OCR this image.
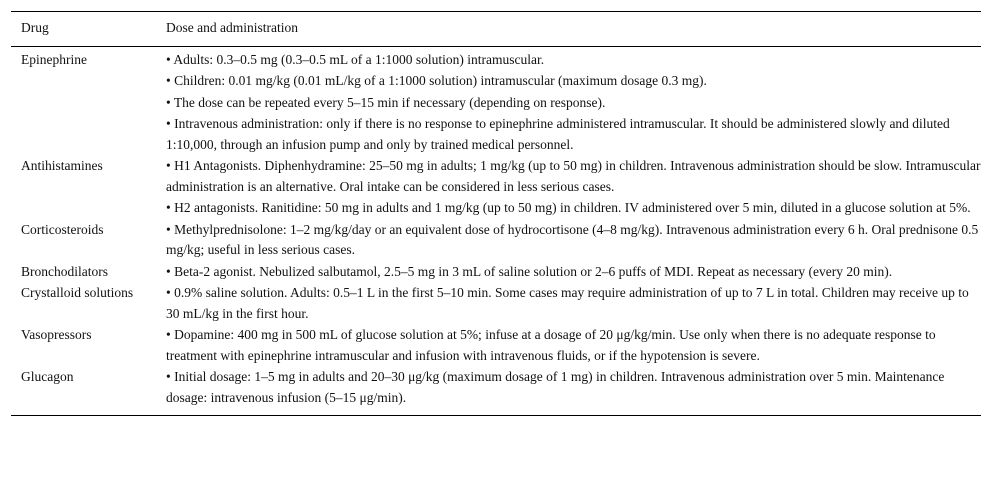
Drug	Dose and administration
Epinephrine	• Adults: 0.3–0.5 mg (0.3–0.5 mL of a 1:1000 solution) intramuscular.
• Children: 0.01 mg/kg (0.01 mL/kg of a 1:1000 solution) intramuscular (maximum dosage 0.3 mg).
• The dose can be repeated every 5–15 min if necessary (depending on response).
• Intravenous administration: only if there is no response to epinephrine administered intramuscular. It should be administered slowly and diluted 1:10,000, through an infusion pump and only by trained medical personnel.

Antihistamines	• H1 Antagonists. Diphenhydramine: 25–50 mg in adults; 1 mg/kg (up to 50 mg) in children. Intravenous administration should be slow. Intramuscular administration is an alternative. Oral intake can be considered in less serious cases.
• H2 antagonists. Ranitidine: 50 mg in adults and 1 mg/kg (up to 50 mg) in children. IV administered over 5 min, diluted in a glucose solution at 5%.

Corticosteroids	• Methylprednisolone: 1–2 mg/kg/day or an equivalent dose of hydrocortisone (4–8 mg/kg). Intravenous administration every 6 h. Oral prednisone 0.5 mg/kg; useful in less serious cases.

Bronchodilators	• Beta-2 agonist. Nebulized salbutamol, 2.5–5 mg in 3 mL of saline solution or 2–6 puffs of MDI. Repeat as necessary (every 20 min).

Crystalloid solutions	• 0.9% saline solution. Adults: 0.5–1 L in the first 5–10 min. Some cases may require administration of up to 7 L in total. Children may receive up to 30 mL/kg in the first hour.

Vasopressors	• Dopamine: 400 mg in 500 mL of glucose solution at 5%; infuse at a dosage of 20 μg/kg/min. Use only when there is no adequate response to treatment with epinephrine intramuscular and infusion with intravenous fluids, or if the hypotension is severe.

Glucagon	• Initial dosage: 1–5 mg in adults and 20–30 μg/kg (maximum dosage of 1 mg) in children. Intravenous administration over 5 min. Maintenance dosage: intravenous infusion (5–15 μg/min).
